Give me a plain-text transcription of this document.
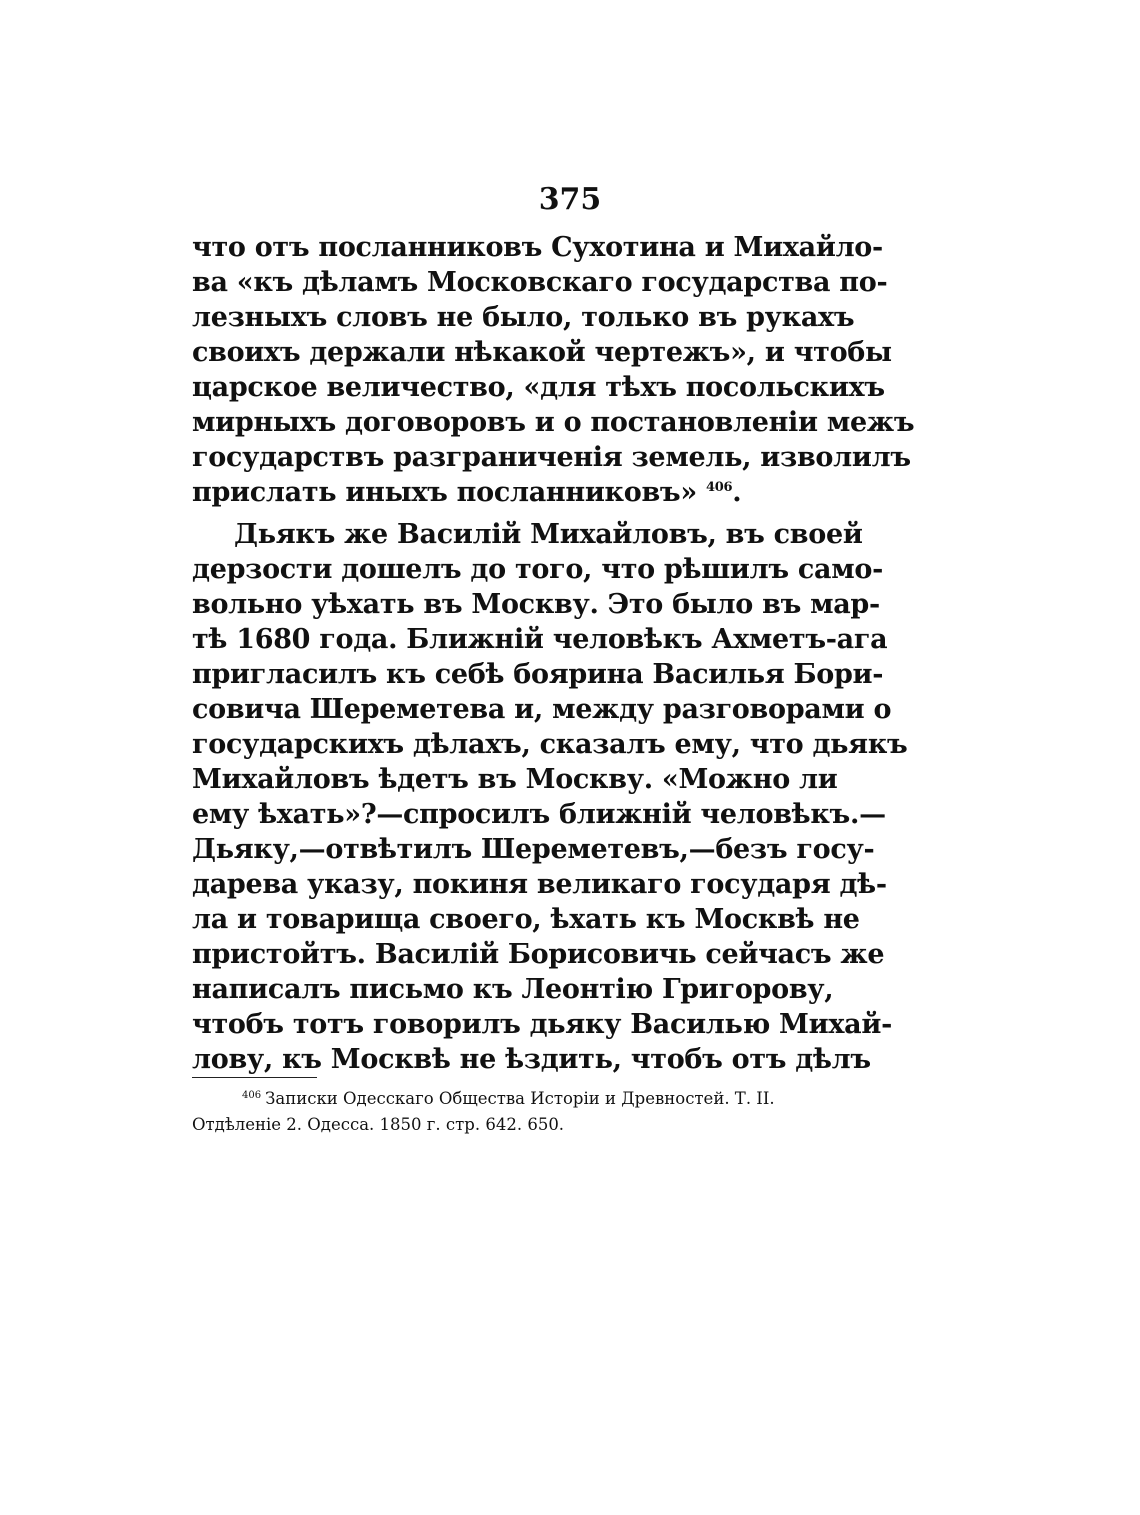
375
что отъ посланниковъ Сухотина и Михайло-
ва «къ дѣламъ Московскаго государства по-
лезныхъ словъ не было, только въ рукахъ
своихъ держали нѣкакой чертежъ», и чтобы
царское величество, «для тѣхъ посольскихъ
мирныхъ договоровъ и о постановленіи межъ
государствъ разграниченія земель, изволилъ
прислать иныхъ посланниковъ» $^{406}$.
Дьякъ же Василій Михайловъ, въ своей
дерзости дошелъ до того, что рѣшилъ само-
вольно уѣхать въ Москву. Это было въ мар-
тѣ 1680 года. Ближній человѣкъ Ахметъ-ага
пригласилъ къ себѣ боярина Василья Бори-
совича Шереметева и, между разговорами о
государскихъ дѣлахъ, сказалъ ему, что дьякъ
Михайловъ ѣдетъ въ Москву. «Можно ли
ему ѣхать»?—спросилъ ближній человѣкъ.—
Дьяку,—отвѣтилъ Шереметевъ,—безъ госу-
дарева указу, покиня великаго государя дѣ-
ла и товарища своего, ѣхать къ Москвѣ не
пристойтъ. Василій Борисовичь сейчасъ же
написалъ письмо къ Леонтію Григорову,
чтобъ тотъ говорилъ дьяку Василью Михай-
лову, къ Москвѣ не ѣздить, чтобъ отъ дѣлъ
$^{406}$ Записки Одесскаго Общества Исторіи и Древностей. Т. II.
Отдѣленіе 2. Одесса. 1850 г. стр. 642. 650.
